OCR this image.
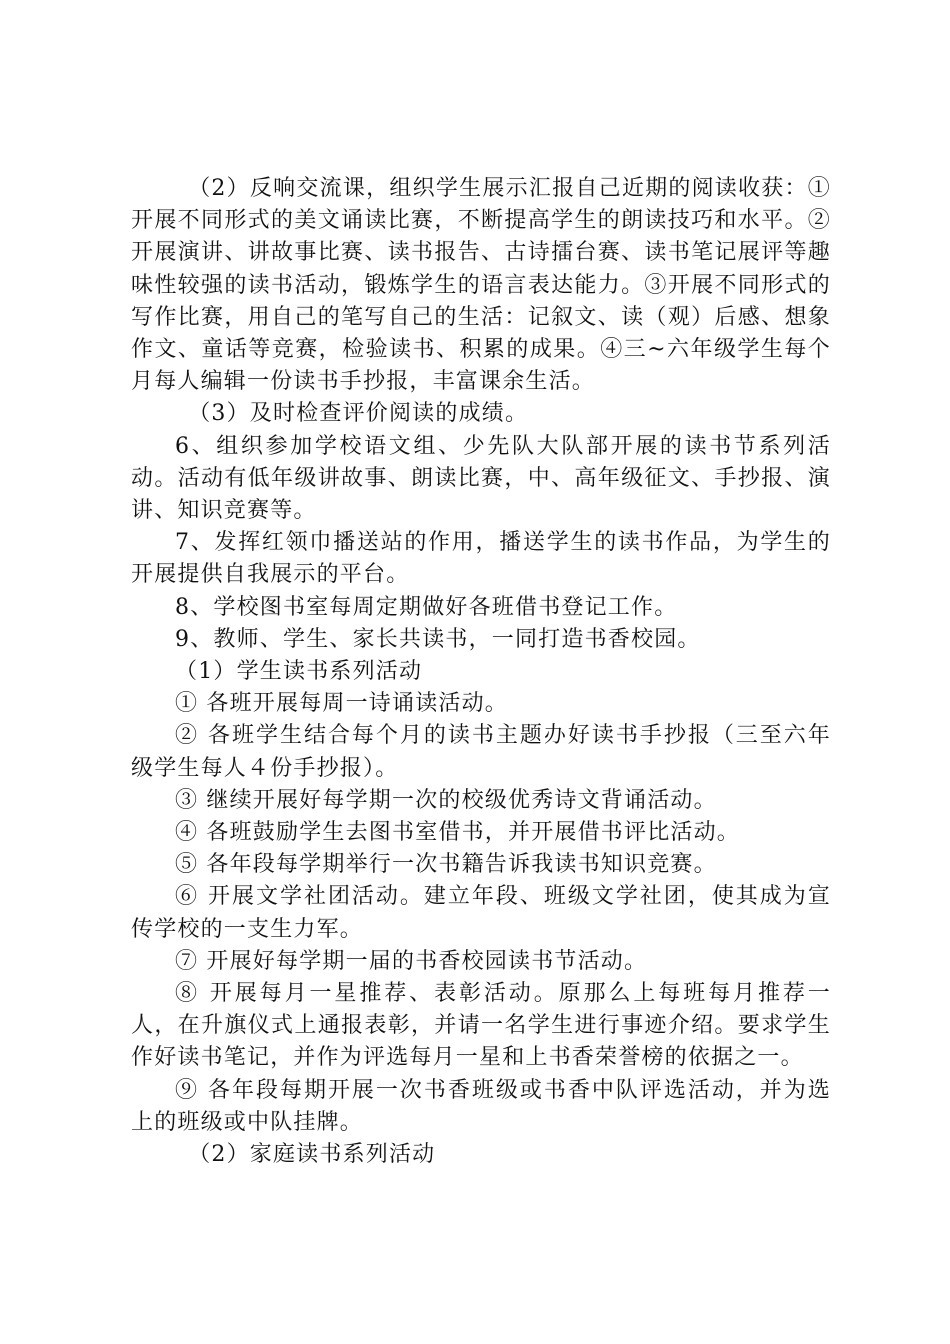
（2）反响交流课，组织学生展示汇报自己近期的阅读收获：①开展不同形式的美文诵读比赛，不断提高学生的朗读技巧和水平。②开展演讲、讲故事比赛、读书报告、古诗擂台赛、读书笔记展评等趣味性较强的读书活动，锻炼学生的语言表达能力。③开展不同形式的写作比赛，用自己的笔写自己的生活：记叙文、读（观）后感、想象作文、童话等竞赛，检验读书、积累的成果。④三~六年级学生每个月每人编辑一份读书手抄报，丰富课余生活。

（3）及时检查评价阅读的成绩。

6、组织参加学校语文组、少先队大队部开展的读书节系列活动。活动有低年级讲故事、朗读比赛，中、高年级征文、手抄报、演讲、知识竞赛等。

7、发挥红领巾播送站的作用，播送学生的读书作品，为学生的开展提供自我展示的平台。

8、学校图书室每周定期做好各班借书登记工作。

9、教师、学生、家长共读书，一同打造书香校园。

（1）学生读书系列活动

① 各班开展每周一诗诵读活动。

② 各班学生结合每个月的读书主题办好读书手抄报（三至六年级学生每人４份手抄报）。

③ 继续开展好每学期一次的校级优秀诗文背诵活动。

④ 各班鼓励学生去图书室借书，并开展借书评比活动。

⑤ 各年段每学期举行一次书籍告诉我读书知识竞赛。

⑥ 开展文学社团活动。建立年段、班级文学社团，使其成为宣传学校的一支生力军。

⑦ 开展好每学期一届的书香校园读书节活动。

⑧ 开展每月一星推荐、表彰活动。原那么上每班每月推荐一人，在升旗仪式上通报表彰，并请一名学生进行事迹介绍。要求学生作好读书笔记，并作为评选每月一星和上书香荣誉榜的依据之一。

⑨ 各年段每期开展一次书香班级或书香中队评选活动，并为选上的班级或中队挂牌。

（2）家庭读书系列活动
